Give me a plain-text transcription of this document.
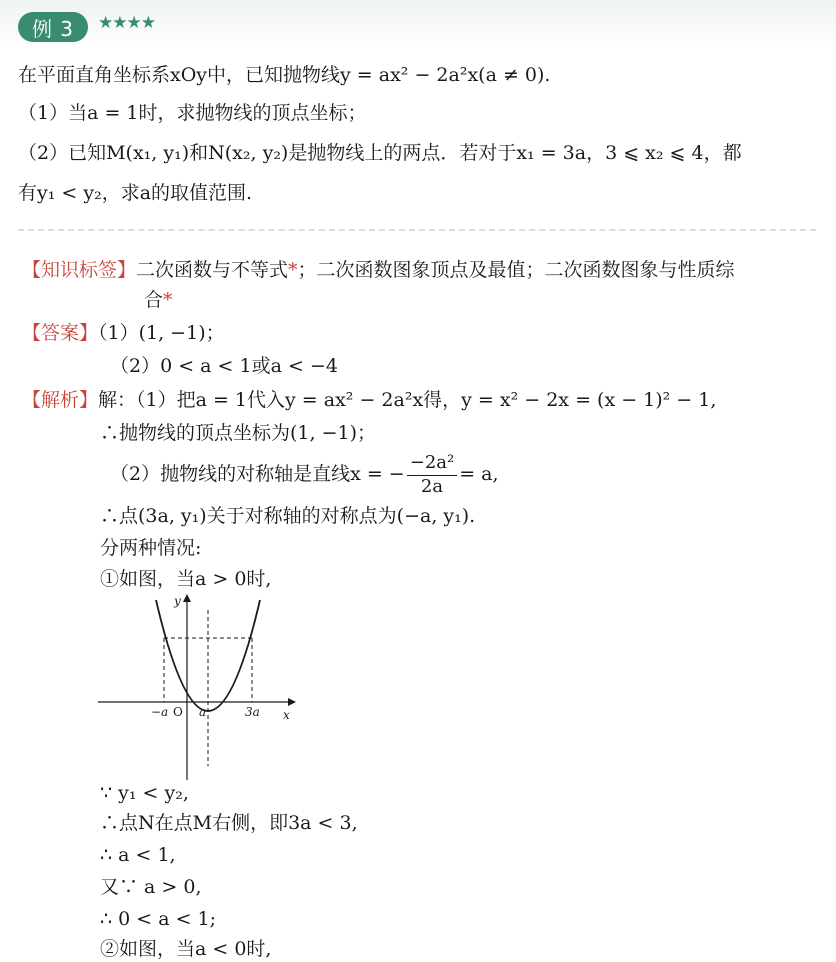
例 3	★★★★
在平面直角坐标系xOy中，已知抛物线y = ax² − 2a²x(a ≠ 0).
（1）当a = 1时，求抛物线的顶点坐标；
（2）已知M(x₁, y₁)和N(x₂, y₂)是抛物线上的两点．若对于x₁ = 3a，3 ⩽ x₂ ⩽ 4，都
有y₁ < y₂，求a的取值范围.
【知识标签】二次函数与不等式*；二次函数图象顶点及最值；二次函数图象与性质综
合*
【答案】（1）(1, −1)；
（2）0 < a < 1或a < −4
【解析】解：（1）把a = 1代入y = ax² − 2a²x得，y = x² − 2x = (x − 1)² − 1,
∴抛物线的顶点坐标为(1, −1)；
（2）抛物线的对称轴是直线x = − $\frac{\text{−2a²}}{2a} = a$,
∴点(3a, y₁)关于对称轴的对称点为(−a, y₁).
分两种情况:
①如图，当a > 0时,
y
x
O
−a	a	3a
∵ y₁ < y₂,
∴点N在点M右侧，即3a < 3,
∴ a < 1,
又∵ a > 0,
∴ 0 < a < 1;
②如图，当a < 0时,
